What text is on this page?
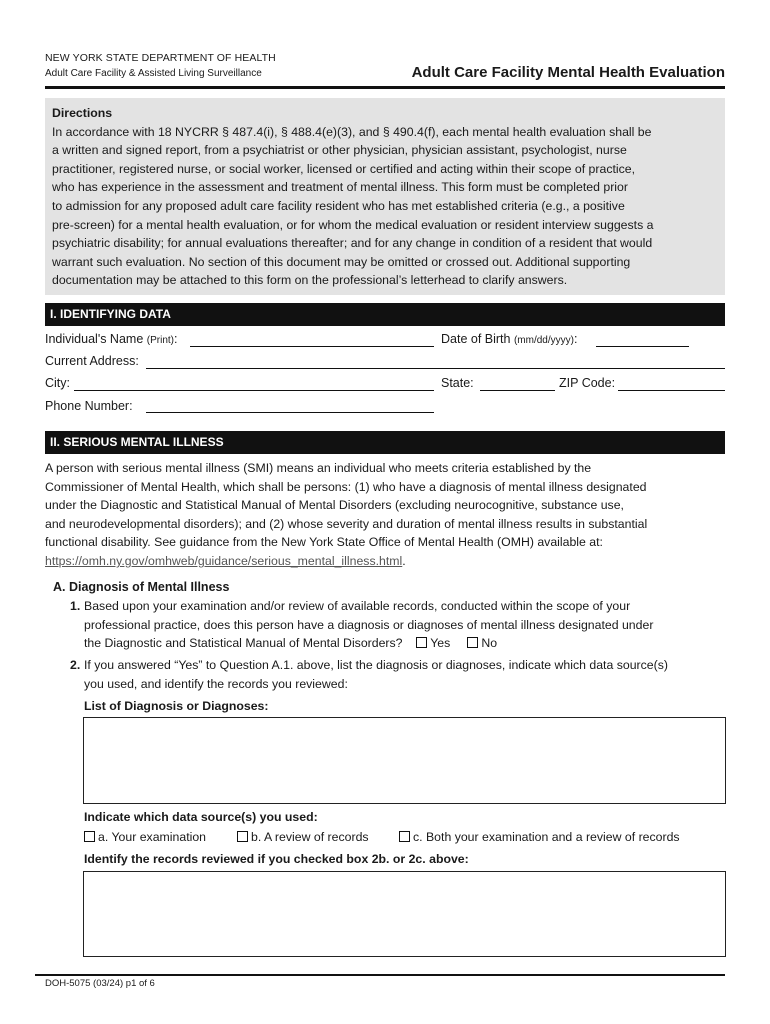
NEW YORK STATE DEPARTMENT OF HEALTH
Adult Care Facility & Assisted Living Surveillance	Adult Care Facility Mental Health Evaluation
Directions
In accordance with 18 NYCRR § 487.4(i), § 488.4(e)(3), and § 490.4(f), each mental health evaluation shall be
a written and signed report, from a psychiatrist or other physician, physician assistant, psychologist, nurse
practitioner, registered nurse, or social worker, licensed or certified and acting within their scope of practice,
who has experience in the assessment and treatment of mental illness. This form must be completed prior
to admission for any proposed adult care facility resident who has met established criteria (e.g., a positive
pre-screen) for a mental health evaluation, or for whom the medical evaluation or resident interview suggests a
psychiatric disability; for annual evaluations thereafter; and for any change in condition of a resident that would
warrant such evaluation. No section of this document may be omitted or crossed out. Additional supporting
documentation may be attached to this form on the professional’s letterhead to clarify answers.
I. IDENTIFYING DATA
Individual's Name (Print):	Date of Birth (mm/dd/yyyy):
Current Address:
City:	State:	ZIP Code:
Phone Number:
II. SERIOUS MENTAL ILLNESS
A person with serious mental illness (SMI) means an individual who meets criteria established by the
Commissioner of Mental Health, which shall be persons: (1) who have a diagnosis of mental illness designated
under the Diagnostic and Statistical Manual of Mental Disorders (excluding neurocognitive, substance use,
and neurodevelopmental disorders); and (2) whose severity and duration of mental illness results in substantial
functional disability. See guidance from the New York State Office of Mental Health (OMH) available at:
https://omh.ny.gov/omhweb/guidance/serious_mental_illness.html.
A. Diagnosis of Mental Illness
1. Based upon your examination and/or review of available records, conducted within the scope of your
professional practice, does this person have a diagnosis or diagnoses of mental illness designated under
the Diagnostic and Statistical Manual of Mental Disorders? Yes	No
2. If you answered “Yes” to Question A.1. above, list the diagnosis or diagnoses, indicate which data source(s)
you used, and identify the records you reviewed:
List of Diagnosis or Diagnoses:
Indicate which data source(s) you used:
a. Your examination	b. A review of records	c. Both your examination and a review of records
Identify the records reviewed if you checked box 2b. or 2c. above:
DOH-5075 (03/24) p1 of 6
